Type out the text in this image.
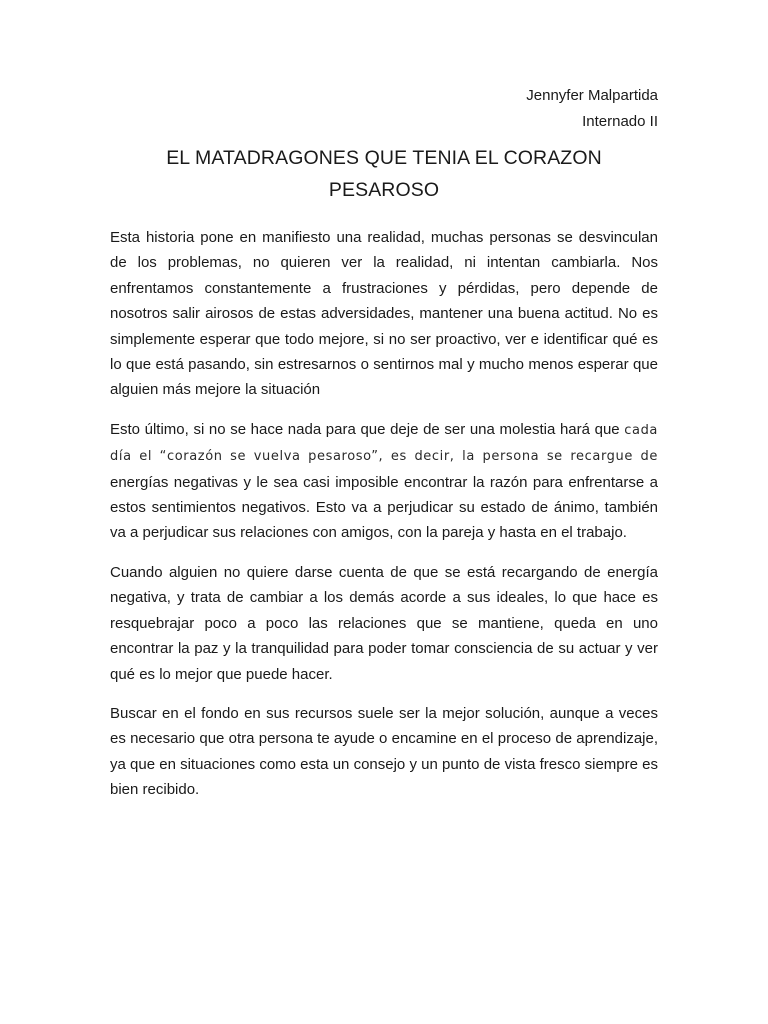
Jennyfer Malpartida
Internado II
EL MATADRAGONES QUE TENIA EL CORAZON
PESAROSO

Esta historia pone en manifiesto una realidad, muchas personas se desvinculan de los problemas, no quieren ver la realidad, ni intentan cambiarla. Nos enfrentamos constantemente a frustraciones y pérdidas, pero depende de nosotros salir airosos de estas adversidades, mantener una buena actitud. No es simplemente esperar que todo mejore, si no ser proactivo, ver e identificar qué es lo que está pasando, sin estresarnos o sentirnos mal y mucho menos esperar que alguien más mejore la situación

Esto último, si no se hace nada para que deje de ser una molestia hará que cada día el “corazón se vuelva pesaroso”, es decir, la persona se recargue de energías negativas y le sea casi imposible encontrar la razón para enfrentarse a estos sentimientos negativos. Esto va a perjudicar su estado de ánimo, también va a perjudicar sus relaciones con amigos, con la pareja y hasta en el trabajo.

Cuando alguien no quiere darse cuenta de que se está recargando de energía negativa, y trata de cambiar a los demás acorde a sus ideales, lo que hace es resquebrajar poco a poco las relaciones que se mantiene, queda en uno encontrar la paz y la tranquilidad para poder tomar consciencia de su actuar y ver qué es lo mejor que puede hacer.

Buscar en el fondo en sus recursos suele ser la mejor solución, aunque a veces es necesario que otra persona te ayude o encamine en el proceso de aprendizaje, ya que en situaciones como esta un consejo y un punto de vista fresco siempre es bien recibido.
